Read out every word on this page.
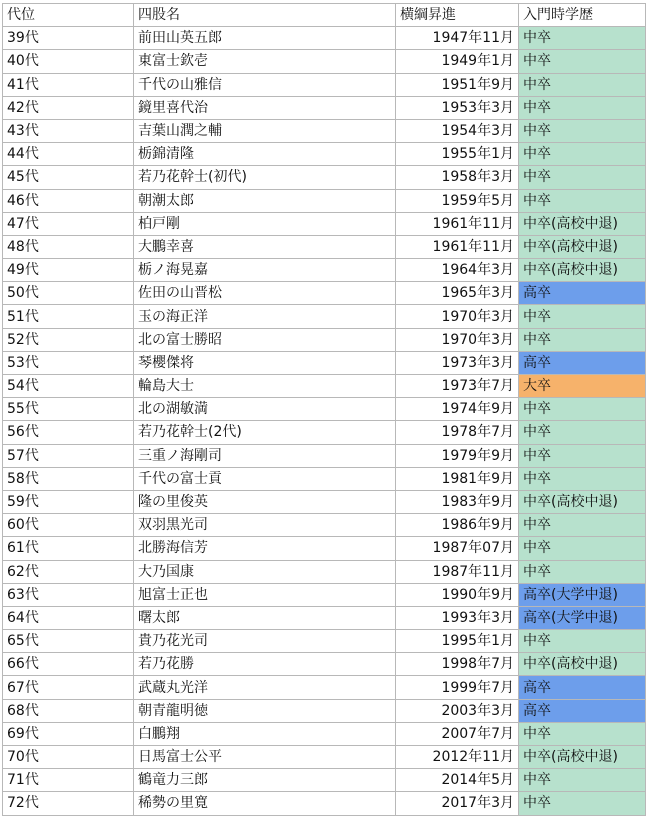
代位	四股名	横綱昇進	入門時学歴
39代	前田山英五郎	1947年11月	中卒
40代	東富士欽壱	1949年1月	中卒
41代	千代の山雅信	1951年9月	中卒
42代	鏡里喜代治	1953年3月	中卒
43代	吉葉山潤之輔	1954年3月	中卒
44代	栃錦清隆	1955年1月	中卒
45代	若乃花幹士(初代)	1958年3月	中卒
46代	朝潮太郎	1959年5月	中卒
47代	柏戸剛	1961年11月	中卒(高校中退)
48代	大鵬幸喜	1961年11月	中卒(高校中退)
49代	栃ノ海晃嘉	1964年3月	中卒(高校中退)
50代	佐田の山晋松	1965年3月	高卒
51代	玉の海正洋	1970年3月	中卒
52代	北の富士勝昭	1970年3月	中卒
53代	琴櫻傑将	1973年3月	高卒
54代	輪島大士	1973年7月	大卒
55代	北の湖敏満	1974年9月	中卒
56代	若乃花幹士(2代)	1978年7月	中卒
57代	三重ノ海剛司	1979年9月	中卒
58代	千代の富士貢	1981年9月	中卒
59代	隆の里俊英	1983年9月	中卒(高校中退)
60代	双羽黒光司	1986年9月	中卒
61代	北勝海信芳	1987年07月	中卒
62代	大乃国康	1987年11月	中卒
63代	旭富士正也	1990年9月	高卒(大学中退)
64代	曙太郎	1993年3月	高卒(大学中退)
65代	貴乃花光司	1995年1月	中卒
66代	若乃花勝	1998年7月	中卒(高校中退)
67代	武蔵丸光洋	1999年7月	高卒
68代	朝青龍明徳	2003年3月	高卒
69代	白鵬翔	2007年7月	中卒
70代	日馬富士公平	2012年11月	中卒(高校中退)
71代	鶴竜力三郎	2014年5月	中卒
72代	稀勢の里寛	2017年3月	中卒
